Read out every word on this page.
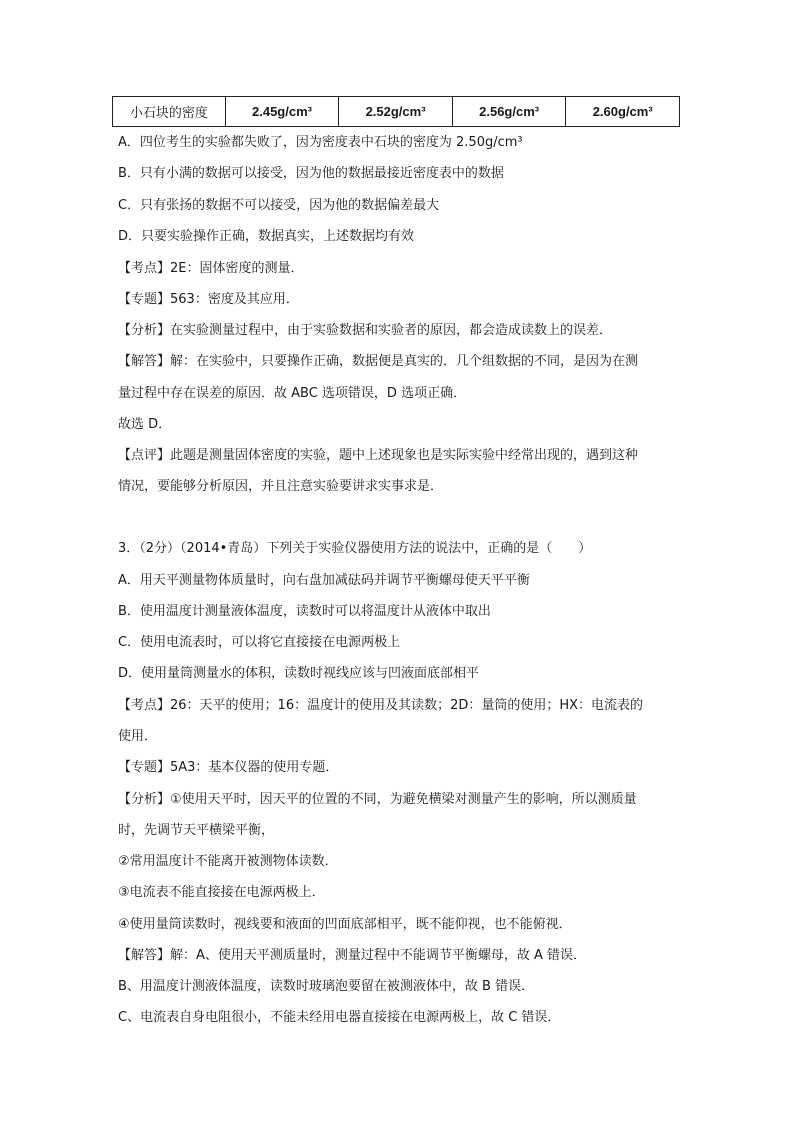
小石块的密度	2.45g/cm³	2.52g/cm³	2.56g/cm³	2.60g/cm³
A．四位考生的实验都失败了，因为密度表中石块的密度为 2.50g/cm³
B．只有小满的数据可以接受，因为他的数据最接近密度表中的数据
C．只有张扬的数据不可以接受，因为他的数据偏差最大
D．只要实验操作正确，数据真实，上述数据均有效
【考点】2E：固体密度的测量．
【专题】563：密度及其应用．
【分析】在实验测量过程中，由于实验数据和实验者的原因，都会造成读数上的误差．
【解答】解：在实验中，只要操作正确，数据便是真实的．几个组数据的不同，是因为在测
量过程中存在误差的原因．故 ABC 选项错误，D 选项正确．
故选 D．
【点评】此题是测量固体密度的实验，题中上述现象也是实际实验中经常出现的，遇到这种
情况，要能够分析原因，并且注意实验要讲求实事求是．
3．（2分）（2014•青岛）下列关于实验仪器使用方法的说法中，正确的是（　　）
A．用天平测量物体质量时，向右盘加减砝码并调节平衡螺母使天平平衡
B．使用温度计测量液体温度，读数时可以将温度计从液体中取出
C．使用电流表时，可以将它直接接在电源两极上
D．使用量筒测量水的体积，读数时视线应该与凹液面底部相平
【考点】26：天平的使用；16：温度计的使用及其读数；2D：量筒的使用；HX：电流表的
使用．
【专题】5A3：基本仪器的使用专题．
【分析】①使用天平时，因天平的位置的不同，为避免横梁对测量产生的影响，所以测质量
时，先调节天平横梁平衡，
②常用温度计不能离开被测物体读数．
③电流表不能直接接在电源两极上．
④使用量筒读数时，视线要和液面的凹面底部相平，既不能仰视，也不能俯视．
【解答】解：A、使用天平测质量时，测量过程中不能调节平衡螺母，故 A 错误．
B、用温度计测液体温度，读数时玻璃泡要留在被测液体中，故 B 错误．
C、电流表自身电阻很小，不能未经用电器直接接在电源两极上，故 C 错误．
